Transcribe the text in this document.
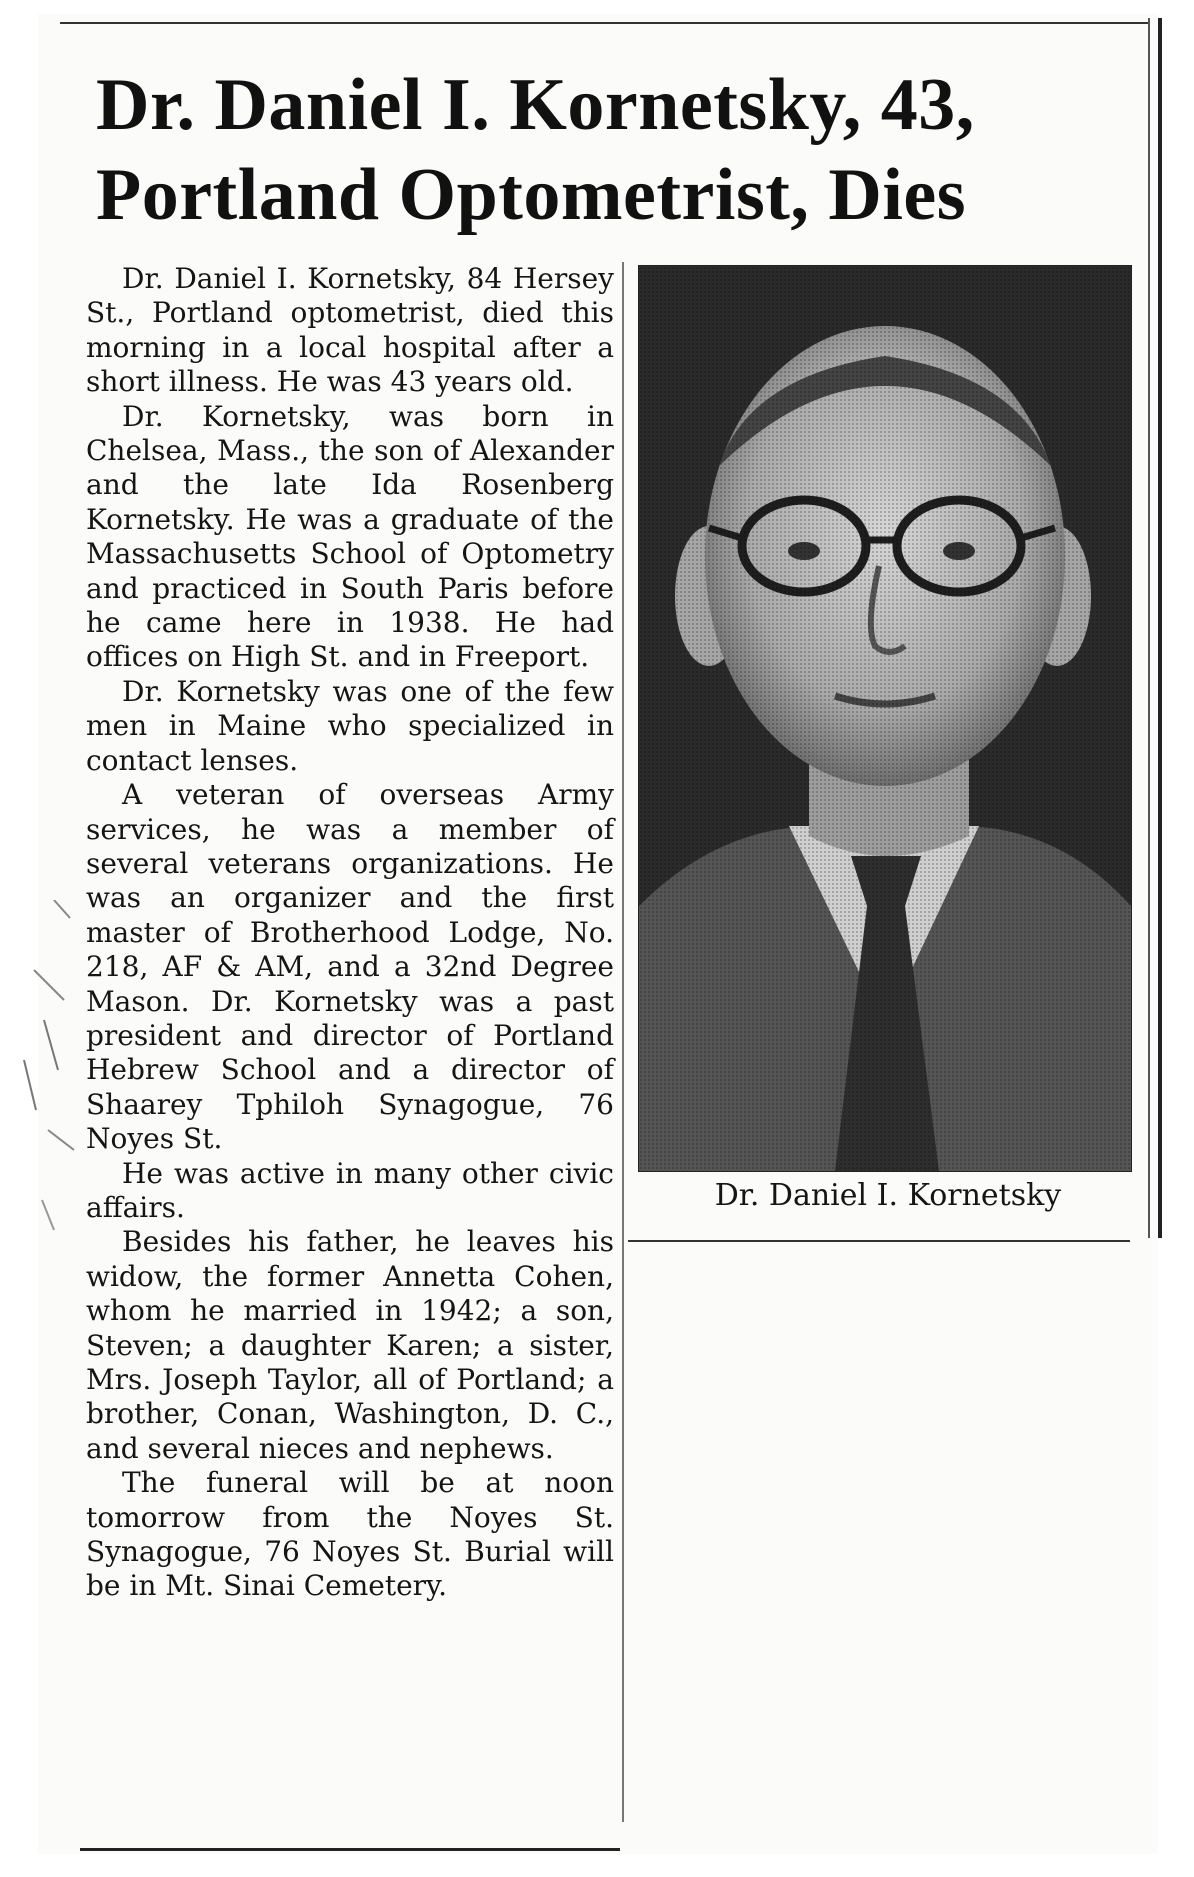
Dr. Daniel I. Kornetsky, 43,
Portland Optometrist, Dies

Dr. Daniel I. Kornetsky, 84 Hersey St., Portland optometrist, died this morning in a local hospital after a short illness. He was 43 years old.

Dr. Kornetsky, was born in Chelsea, Mass., the son of Alexander and the late Ida Rosenberg Kornetsky. He was a graduate of the Massachusetts School of Optometry and practiced in South Paris before he came here in 1938. He had offices on High St. and in Freeport.

Dr. Kornetsky was one of the few men in Maine who specialized in contact lenses.

A veteran of overseas Army services, he was a member of several veterans organizations. He was an organizer and the first master of Brotherhood Lodge, No. 218, AF & AM, and a 32nd Degree Mason. Dr. Kornetsky was a past president and director of Portland Hebrew School and a director of Shaarey Tphiloh Synagogue, 76 Noyes St.

He was active in many other civic affairs.

Besides his father, he leaves his widow, the former Annetta Cohen, whom he married in 1942; a son, Steven; a daughter Karen; a sister, Mrs. Joseph Taylor, all of Portland; a brother, Conan, Washington, D. C., and several nieces and nephews.

The funeral will be at noon tomorrow from the Noyes St. Synagogue, 76 Noyes St. Burial will be in Mt. Sinai Cemetery.

Dr. Daniel I. Kornetsky
